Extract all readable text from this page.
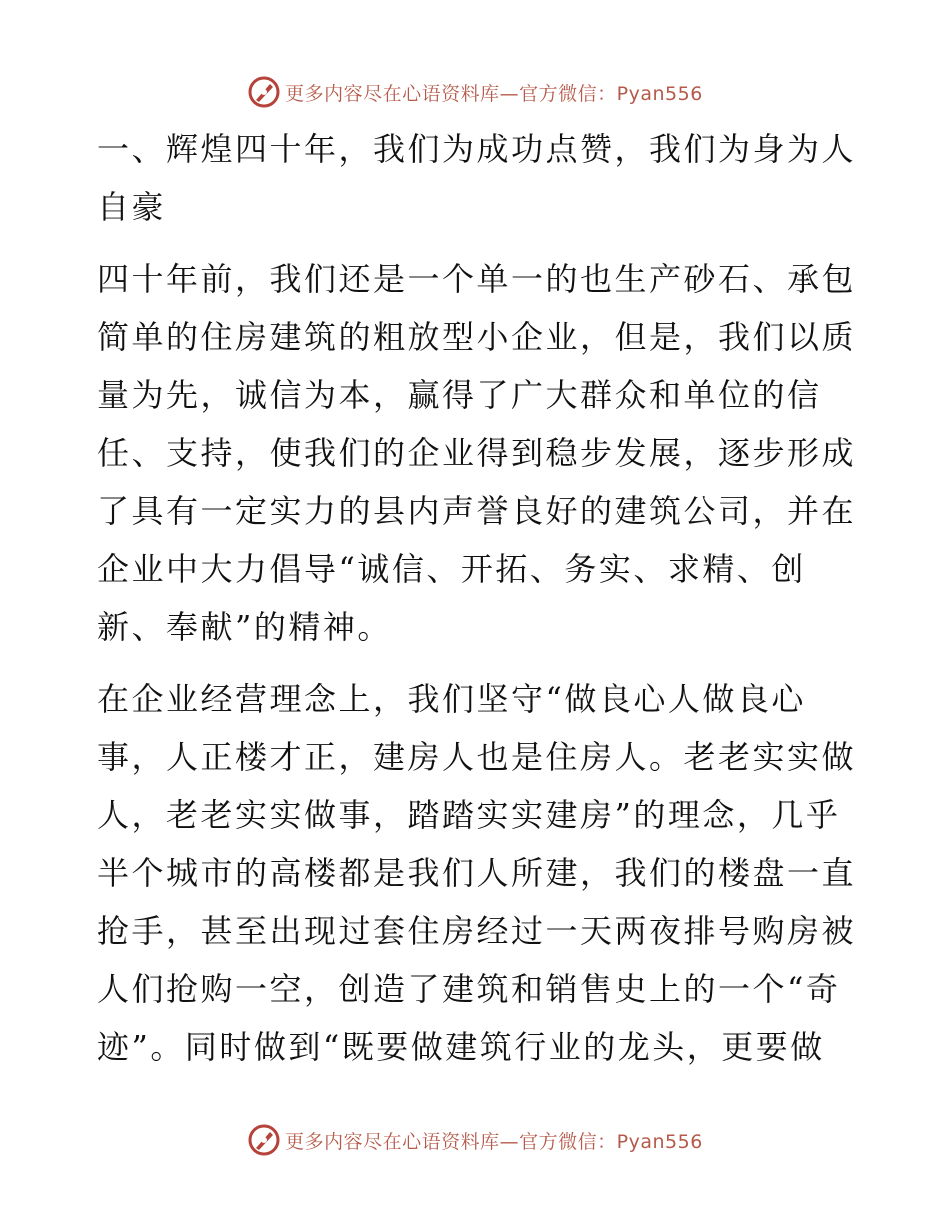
更多内容尽在心语资料库—官方微信：Pyan556

一、辉煌四十年，我们为成功点赞，我们为身为人自豪

四十年前，我们还是一个单一的也生产砂石、承包简单的住房建筑的粗放型小企业，但是，我们以质量为先，诚信为本，赢得了广大群众和单位的信任、支持，使我们的企业得到稳步发展，逐步形成了具有一定实力的县内声誉良好的建筑公司，并在企业中大力倡导“诚信、开拓、务实、求精、创新、奉献”的精神。

在企业经营理念上，我们坚守“做良心人做良心事，人正楼才正，建房人也是住房人。老老实实做人，老老实实做事，踏踏实实建房”的理念，几乎半个城市的高楼都是我们人所建，我们的楼盘一直抢手，甚至出现过套住房经过一天两夜排号购房被人们抢购一空，创造了建筑和销售史上的一个“奇迹”。同时做到“既要做建筑行业的龙头，更要做

更多内容尽在心语资料库—官方微信：Pyan556
